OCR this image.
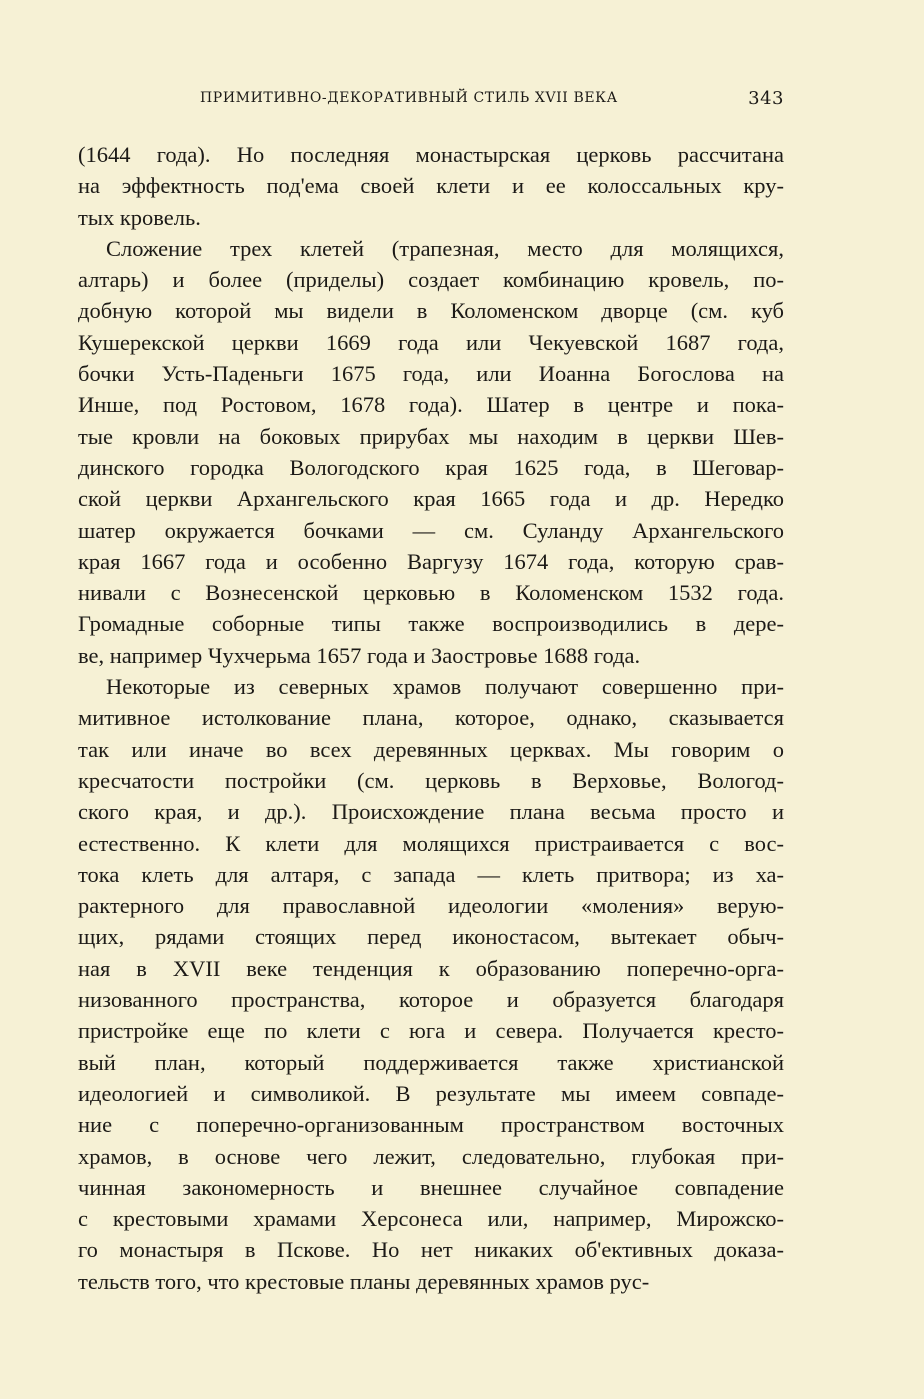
ПРИМИТИВНО-ДЕКОРАТИВНЫЙ СТИЛЬ XVII ВЕКА	343
(1644 года). Но последняя монастырская церковь рассчитана
на эффектность под'ема своей клети и ее колоссальных кру-
тых кровель.
Сложение трех клетей (трапезная, место для молящихся,
алтарь) и более (приделы) создает комбинацию кровель, по-
добную которой мы видели в Коломенском дворце (см. куб
Кушерекской церкви 1669 года или Чекуевской 1687 года,
бочки Усть-Паденьги 1675 года, или Иоанна Богослова на
Инше, под Ростовом, 1678 года). Шатер в центре и пока-
тые кровли на боковых прирубах мы находим в церкви Шев-
динского городка Вологодского края 1625 года, в Шеговар-
ской церкви Архангельского края 1665 года и др. Нередко
шатер окружается бочками — см. Суланду Архангельского
края 1667 года и особенно Варгузу 1674 года, которую срав-
нивали с Вознесенской церковью в Коломенском 1532 года.
Громадные соборные типы также воспроизводились в дере-
ве, например Чухчерьма 1657 года и Заостровье 1688 года.
Некоторые из северных храмов получают совершенно при-
митивное истолкование плана, которое, однако, сказывается
так или иначе во всех деревянных церквах. Мы говорим о
кресчатости постройки (см. церковь в Верховье, Вологод-
ского края, и др.). Происхождение плана весьма просто и
естественно. К клети для молящихся пристраивается с вос-
тока клеть для алтаря, с запада — клеть притвора; из ха-
рактерного для православной идеологии «моления» верую-
щих, рядами стоящих перед иконостасом, вытекает обыч-
ная в XVII веке тенденция к образованию поперечно-орга-
низованного пространства, которое и образуется благодаря
пристройке еще по клети с юга и севера. Получается кресто-
вый план, который поддерживается также христианской
идеологией и символикой. В результате мы имеем совпаде-
ние с поперечно-организованным пространством восточных
храмов, в основе чего лежит, следовательно, глубокая при-
чинная закономерность и внешнее случайное совпадение
с крестовыми храмами Херсонеса или, например, Мирожско-
го монастыря в Пскове. Но нет никаких об'ективных доказа-
тельств того, что крестовые планы деревянных храмов рус-
